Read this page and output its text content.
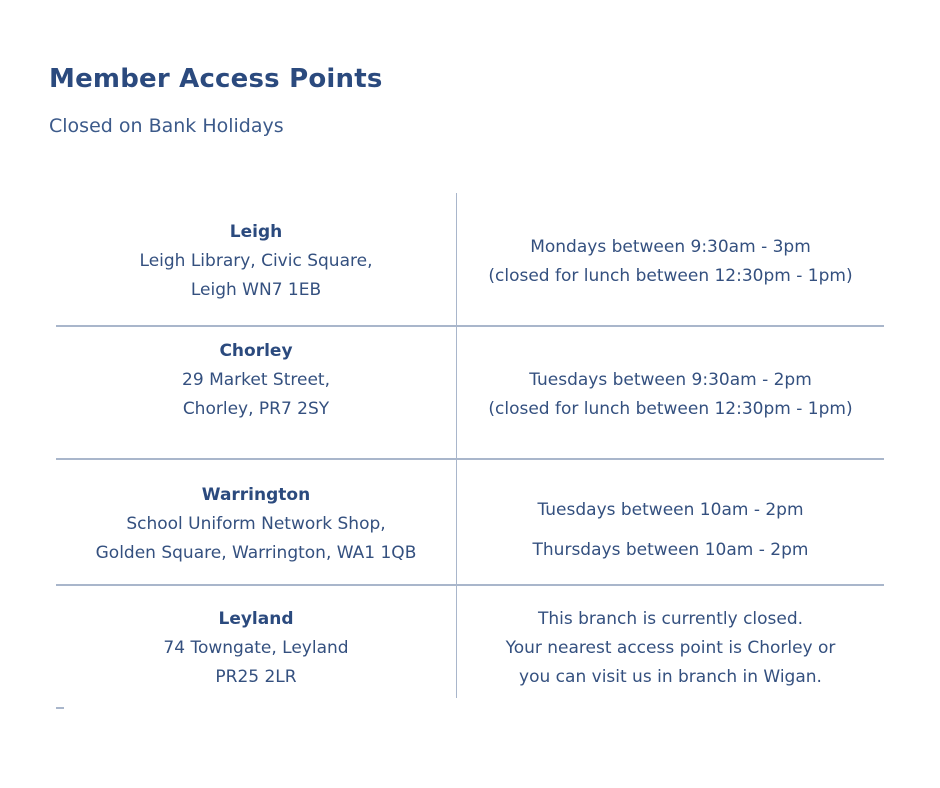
Member Access Points
Closed on Bank Holidays
Leigh
Leigh Library, Civic Square,
Leigh WN7 1EB
Mondays between 9:30am - 3pm
(closed for lunch between 12:30pm - 1pm)
Chorley
29 Market Street,
Chorley, PR7 2SY
Tuesdays between 9:30am - 2pm
(closed for lunch between 12:30pm - 1pm)
Warrington
School Uniform Network Shop,
Golden Square, Warrington, WA1 1QB
Tuesdays between 10am - 2pm
Thursdays between 10am - 2pm
Leyland
74 Towngate, Leyland
PR25 2LR
This branch is currently closed.
Your nearest access point is Chorley or
you can visit us in branch in Wigan.
